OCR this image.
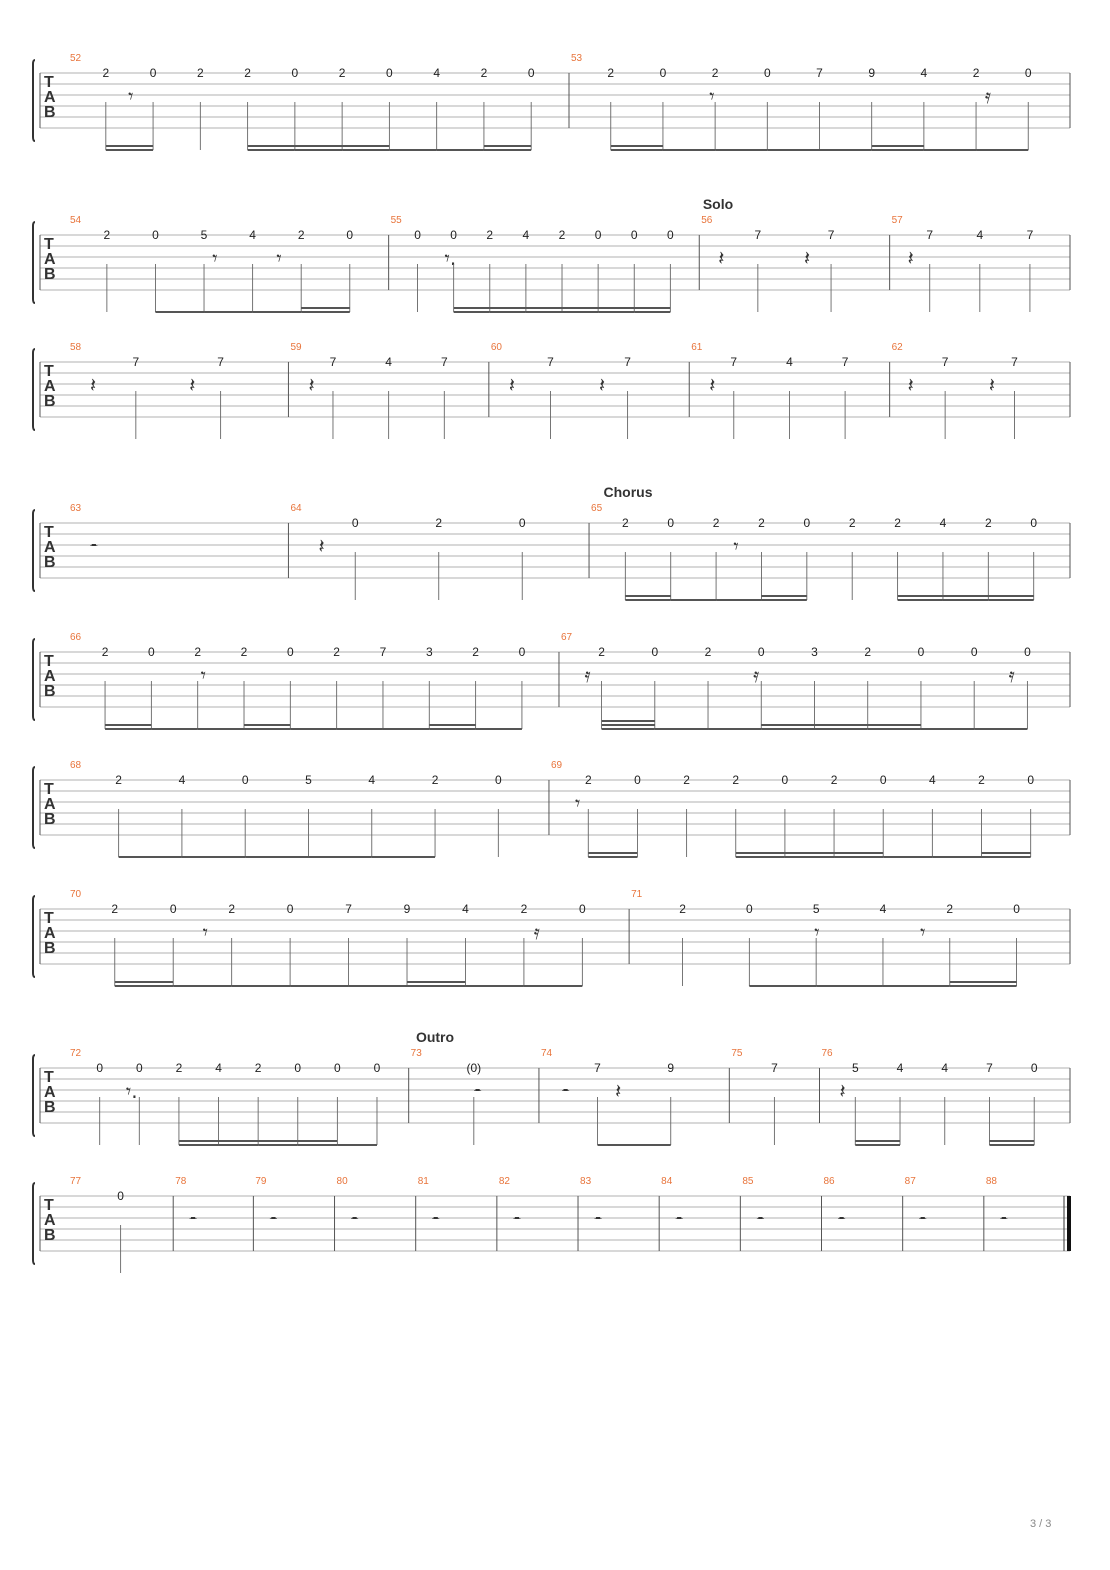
T
A
B
52
𝄾
2	0	2	2	0	2	0	4	2	0
53
𝄾	𝄿
2	0	2	0	7	9	4	2	0
T
A
B
Solo
54
𝄾	𝄾
2	0	5	4	2	0
55
𝄾.
0 0 2 4 2 0 0 0
56
𝄽	𝄽
7	7
57
𝄽
7	4	7
T
A
B
58
𝄽	𝄽
7	7
59
𝄽
7	4	7
60
𝄽	𝄽
7	7
61
𝄽
7	4	7
62
𝄽	𝄽
7	7
T
A
B
Chorus
63
𝄼
64
𝄽
0	2	0
65
𝄾
2	0	2	2	0	2	2	4	2	0
T
A
B
66
𝄾
2	0	2	2	0	2	7	3	2	0
67
𝄿	𝄿	𝄿
2	0	2	0	3	2	0	0	0
T
A
B
68
2	4	0	5	4	2	0
69
𝄾
2	0	2	2	0	2	0	4	2	0
T
A
B
70
𝄾	𝄿
2	0	2	0	7	9	4	2	0
71
𝄾	𝄾
2	0	5	4	2	0
T
A
B
Outro
72
𝄾.
0	0	2	4	2	0	0	0
73
𝄼
(0)
74
𝄼 𝄽
7	9
75
7
76
𝄽
5	4	4	7	0
T
A
B
77
0
78
𝄼
79
𝄼
80
𝄼
81
𝄼
82
𝄼
83
𝄼
84
𝄼
85
𝄼
86
𝄼
87
𝄼
88
𝄼
3 / 3
